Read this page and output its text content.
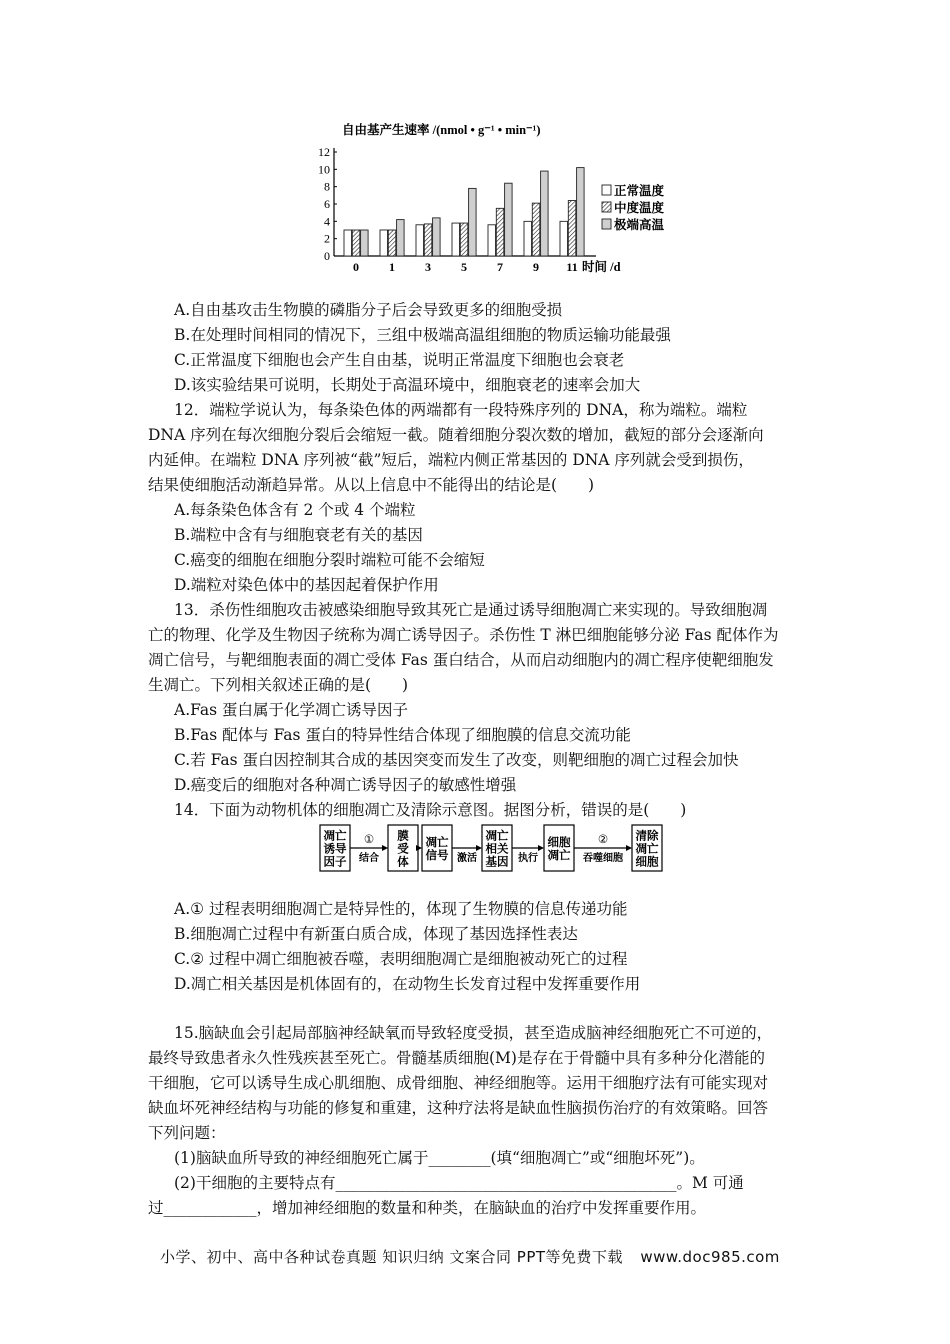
自由基产生速率 /(nmol • g⁻¹ • min⁻¹)
0
2
4
6
8
10
12
0	1	3	5	7	9 11 时间 /d
正常温度
中度温度
极端高温
A.自由基攻击生物膜的磷脂分子后会导致更多的细胞受损
B.在处理时间相同的情况下，三组中极端高温组细胞的物质运输功能最强
C.正常温度下细胞也会产生自由基，说明正常温度下细胞也会衰老
D.该实验结果可说明，长期处于高温环境中，细胞衰老的速率会加大
12．端粒学说认为，每条染色体的两端都有一段特殊序列的 DNA，称为端粒。端粒
DNA 序列在每次细胞分裂后会缩短一截。随着细胞分裂次数的增加，截短的部分会逐渐向
内延伸。在端粒 DNA 序列被“截”短后，端粒内侧正常基因的 DNA 序列就会受到损伤，
结果使细胞活动渐趋异常。从以上信息中不能得出的结论是(　　)
A.每条染色体含有 2 个或 4 个端粒
B.端粒中含有与细胞衰老有关的基因
C.癌变的细胞在细胞分裂时端粒可能不会缩短
D.端粒对染色体中的基因起着保护作用
13．杀伤性细胞攻击被感染细胞导致其死亡是通过诱导细胞凋亡来实现的。导致细胞凋
亡的物理、化学及生物因子统称为凋亡诱导因子。杀伤性 T 淋巴细胞能够分泌 Fas 配体作为
凋亡信号，与靶细胞表面的凋亡受体 Fas 蛋白结合，从而启动细胞内的凋亡程序使靶细胞发
生凋亡。下列相关叙述正确的是(　　)
A.Fas 蛋白属于化学凋亡诱导因子
B.Fas 配体与 Fas 蛋白的特异性结合体现了细胞膜的信息交流功能
C.若 Fas 蛋白因控制其合成的基因突变而发生了改变，则靶细胞的凋亡过程会加快
D.癌变后的细胞对各种凋亡诱导因子的敏感性增强
14．下面为动物机体的细胞凋亡及清除示意图。据图分析，错误的是(　　)
凋亡
诱导
因子
膜
受
体
凋亡
信号
凋亡
相关
基因
细胞
凋亡
清除
凋亡
细胞
①
结合	激活	执行
②
吞噬细胞
A.① 过程表明细胞凋亡是特异性的，体现了生物膜的信息传递功能
B.细胞凋亡过程中有新蛋白质合成，体现了基因选择性表达
C.② 过程中凋亡细胞被吞噬，表明细胞凋亡是细胞被动死亡的过程
D.凋亡相关基因是机体固有的，在动物生长发育过程中发挥重要作用
15.脑缺血会引起局部脑神经缺氧而导致轻度受损，甚至造成脑神经细胞死亡不可逆的，
最终导致患者永久性残疾甚至死亡。骨髓基质细胞(M)是存在于骨髓中具有多种分化潜能的
干细胞，它可以诱导生成心肌细胞、成骨细胞、神经细胞等。运用干细胞疗法有可能实现对
缺血坏死神经结构与功能的修复和重建，这种疗法将是缺血性脑损伤治疗的有效策略。回答
下列问题：
(1)脑缺血所导致的神经细胞死亡属于________(填“细胞凋亡”或“细胞坏死”)。
(2)干细胞的主要特点有____________________________________________。M 可通
过____________，增加神经细胞的数量和种类，在脑缺血的治疗中发挥重要作用。
小学、初中、高中各种试卷真题 知识归纳 文案合同 PPT等免费下载 www.doc985.com
